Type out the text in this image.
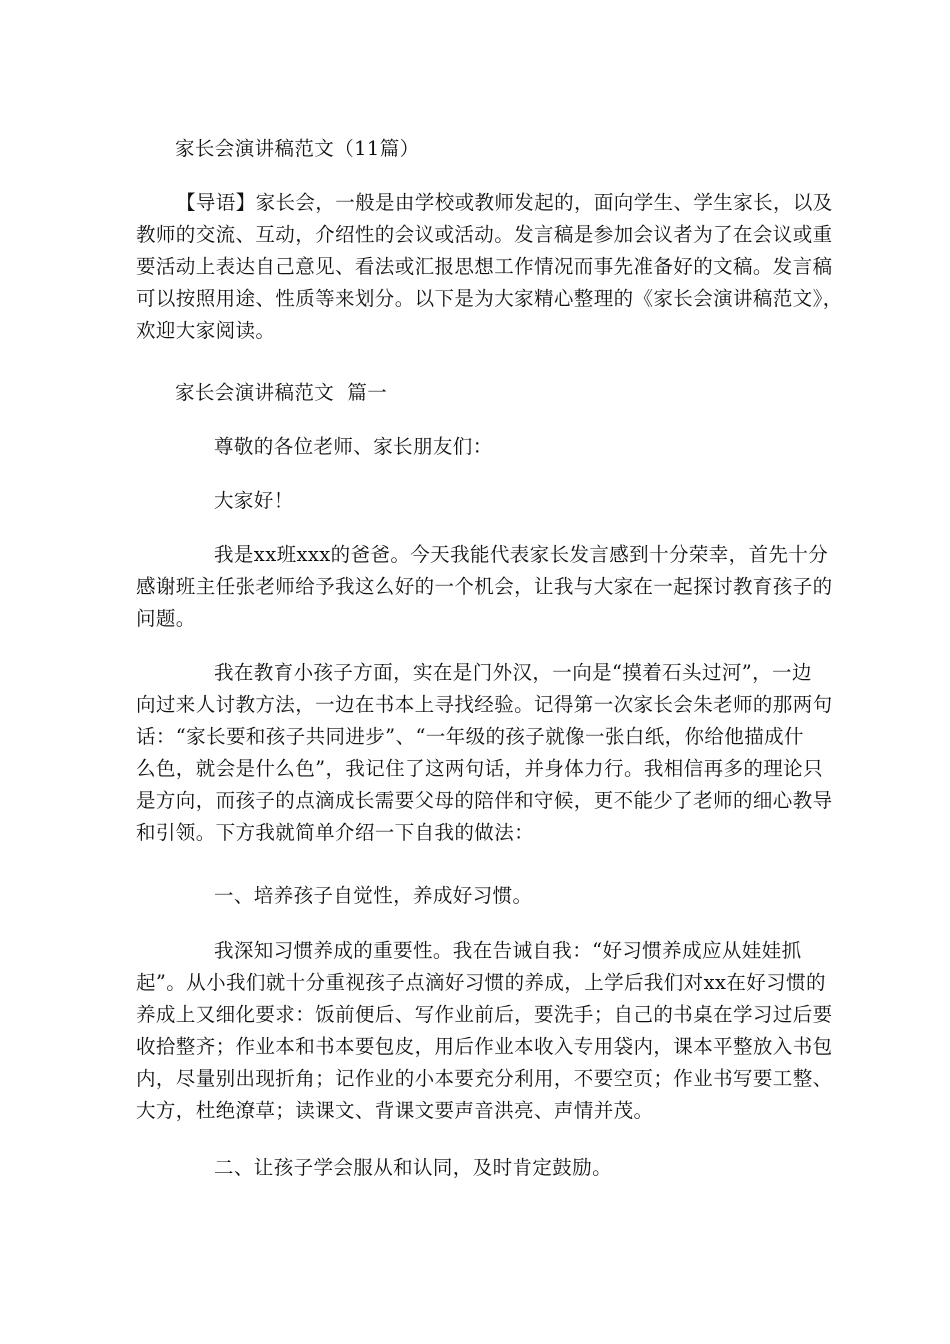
家长会演讲稿范文（11篇）

【导语】家长会，一般是由学校或教师发起的，面向学生、学生家长，以及

教师的交流、互动，介绍性的会议或活动。发言稿是参加会议者为了在会议或重

要活动上表达自己意见、看法或汇报思想工作情况而事先准备好的文稿。发言稿

可以按照用途、性质等来划分。以下是为大家精心整理的《家长会演讲稿范文》，

欢迎大家阅读。

家长会演讲稿范文  篇一

尊敬的各位老师、家长朋友们：

大家好！

我是xx班xxx的爸爸。今天我能代表家长发言感到十分荣幸，首先十分

感谢班主任张老师给予我这么好的一个机会，让我与大家在一起探讨教育孩子的

问题。

我在教育小孩子方面，实在是门外汉，一向是“摸着石头过河”，一边

向过来人讨教方法，一边在书本上寻找经验。记得第一次家长会朱老师的那两句

话：“家长要和孩子共同进步”、“一年级的孩子就像一张白纸，你给他描成什

么色，就会是什么色”，我记住了这两句话，并身体力行。我相信再多的理论只

是方向，而孩子的点滴成长需要父母的陪伴和守候，更不能少了老师的细心教导

和引领。下方我就简单介绍一下自我的做法：

一、培养孩子自觉性，养成好习惯。

我深知习惯养成的重要性。我在告诫自我：“好习惯养成应从娃娃抓

起”。从小我们就十分重视孩子点滴好习惯的养成，上学后我们对xx在好习惯的

养成上又细化要求：饭前便后、写作业前后，要洗手；自己的书桌在学习过后要

收拾整齐；作业本和书本要包皮，用后作业本收入专用袋内，课本平整放入书包

内，尽量别出现折角；记作业的小本要充分利用，不要空页；作业书写要工整、

大方，杜绝潦草；读课文、背课文要声音洪亮、声情并茂。

二、让孩子学会服从和认同，及时肯定鼓励。
